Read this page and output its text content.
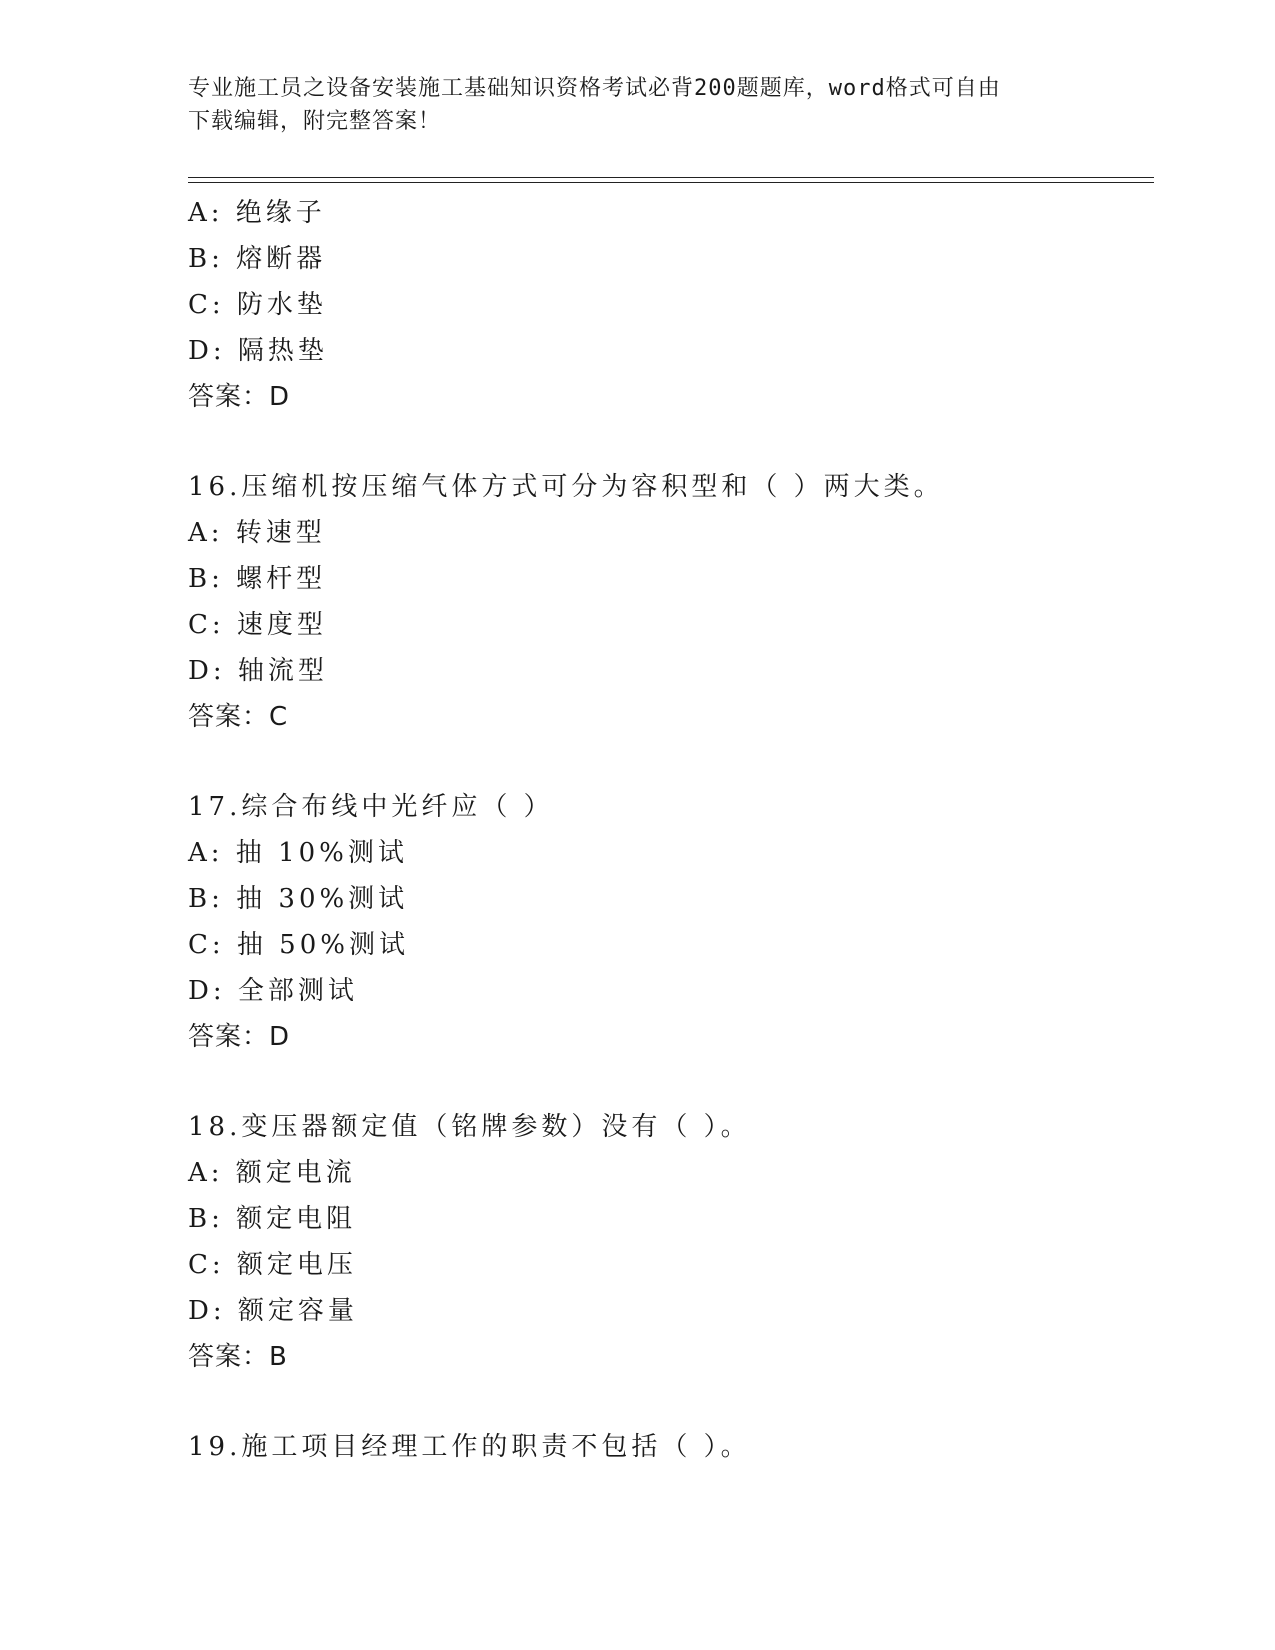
专业施工员之设备安装施工基础知识资格考试必背200题题库，word格式可自由
下载编辑，附完整答案！
A: 绝缘子
B: 熔断器
C: 防水垫
D: 隔热垫
答案：D
16.压缩机按压缩气体方式可分为容积型和（ ）两大类。
A: 转速型
B: 螺杆型
C: 速度型
D: 轴流型
答案：C
17.综合布线中光纤应（ ）
A: 抽 10%测试
B: 抽 30%测试
C: 抽 50%测试
D: 全部测试
答案：D
18.变压器额定值（铭牌参数）没有（ ）。
A: 额定电流
B: 额定电阻
C: 额定电压
D: 额定容量
答案：B
19.施工项目经理工作的职责不包括（ ）。
